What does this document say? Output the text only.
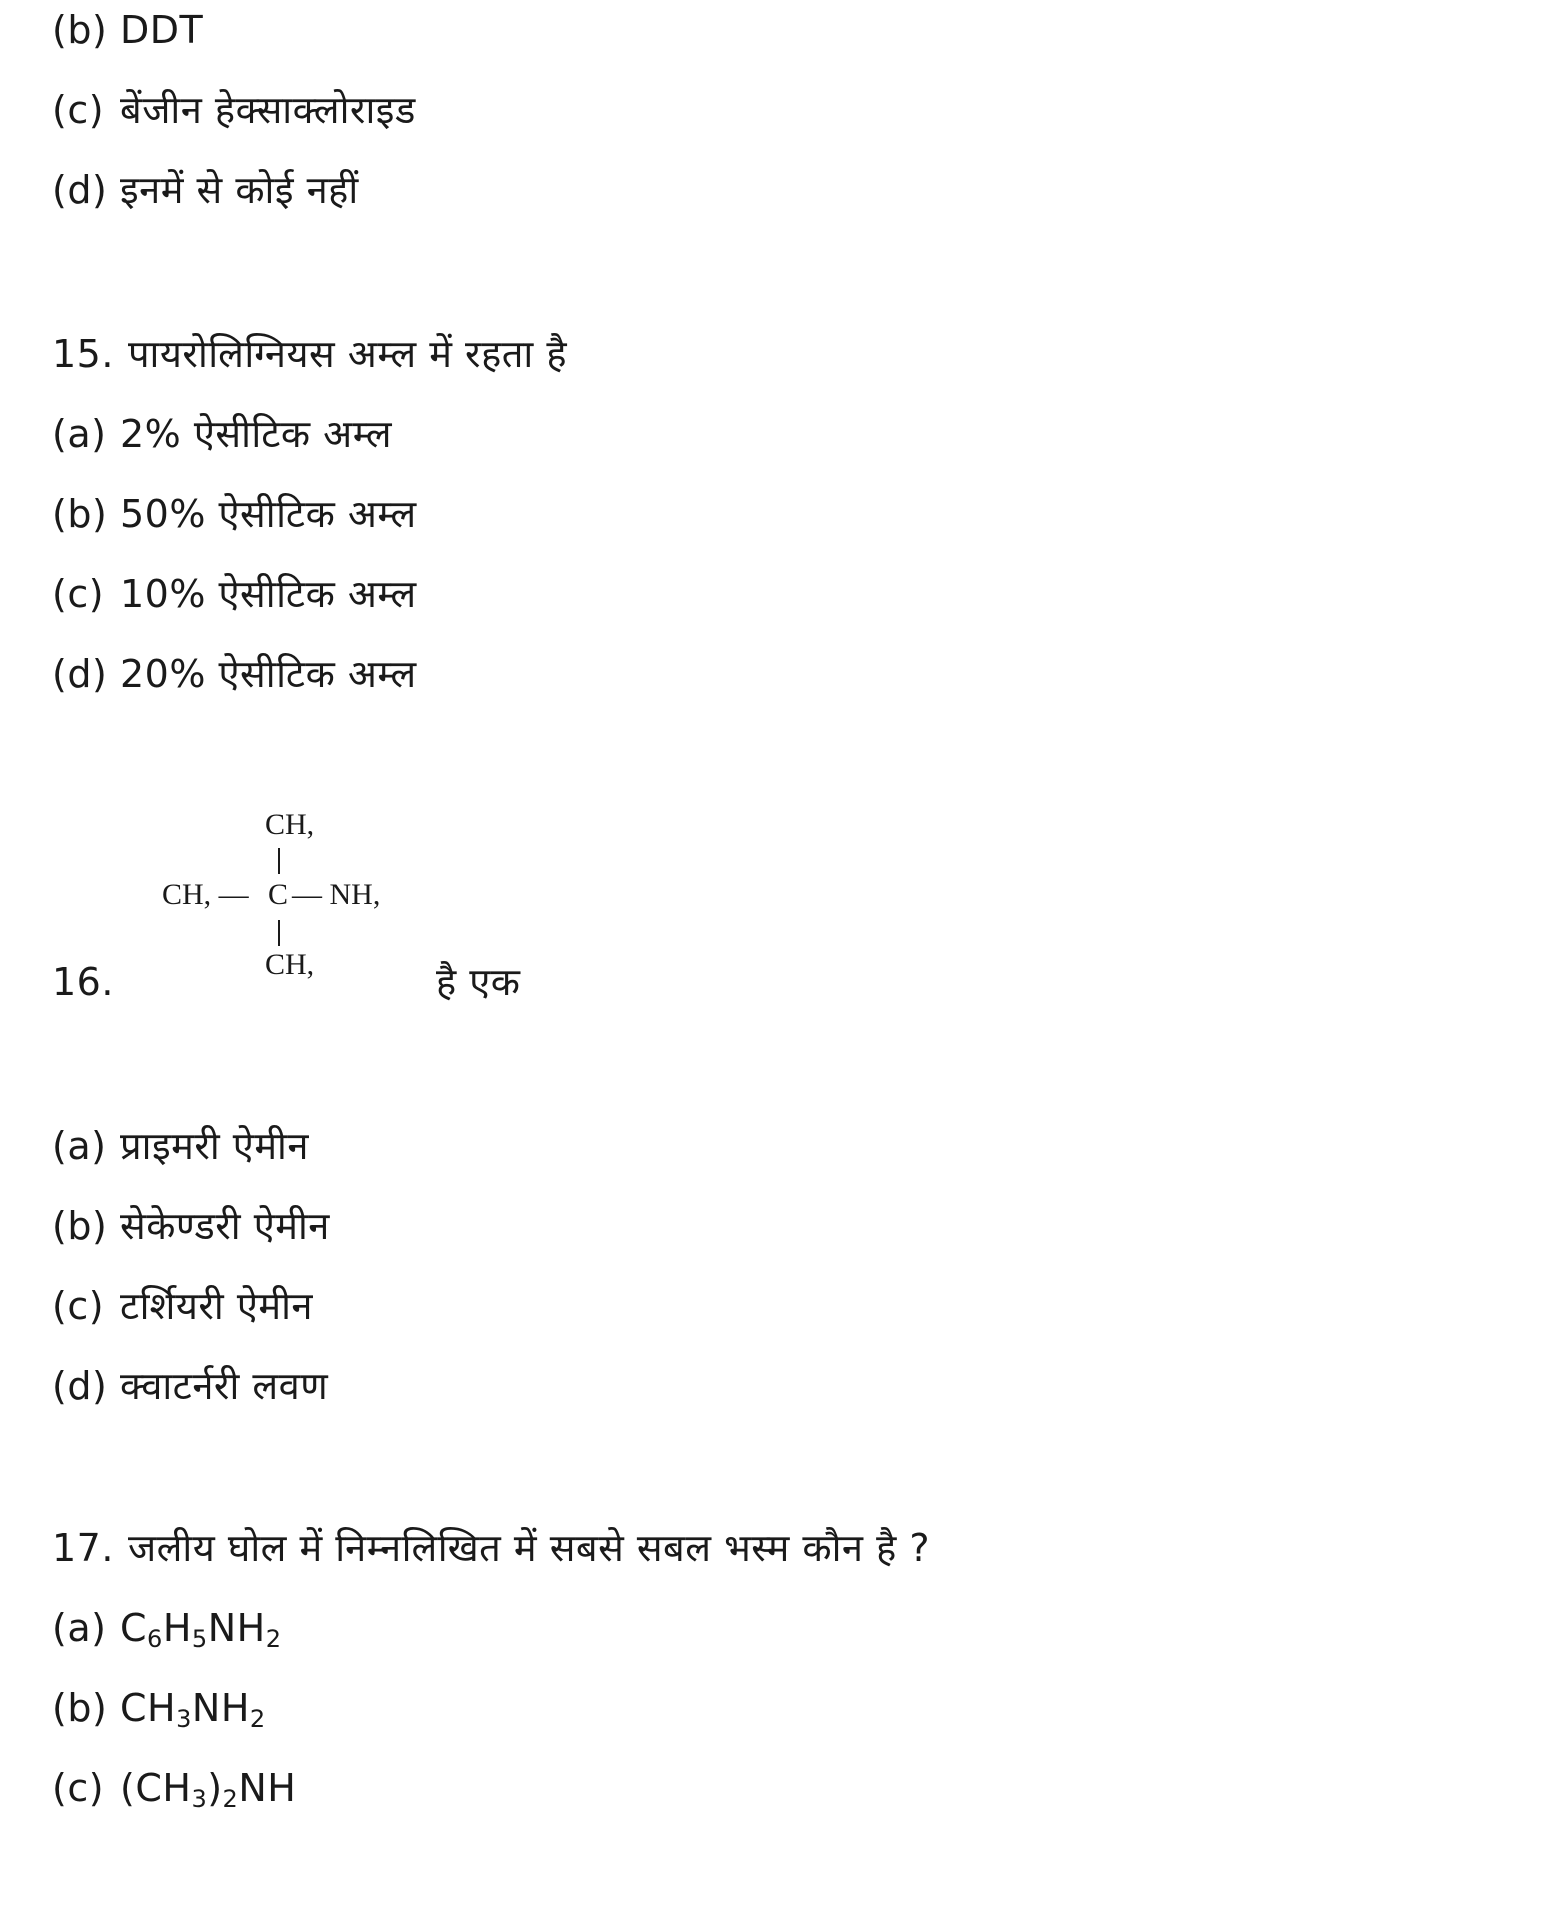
(b) DDT
(c) बेंजीन हेक्साक्लोराइड
(d) इनमें से कोई नहीं
15. पायरोलिग्नियस अम्ल में रहता है
(a) 2% ऐसीटिक अम्ल
(b) 50% ऐसीटिक अम्ल
(c) 10% ऐसीटिक अम्ल
(d) 20% ऐसीटिक अम्ल
16.
CH,
CH, — C — NH,
CH,	है एक
(a) प्राइमरी ऐमीन
(b) सेकेण्डरी ऐमीन
(c) टर्शियरी ऐमीन
(d) क्वाटर्नरी लवण
17. जलीय घोल में निम्नलिखित में सबसे सबल भस्म कौन है ?
(a) $C_6H_5NH_2$
(b) $CH_3NH_2$
(c) $(CH_3)_2NH$
